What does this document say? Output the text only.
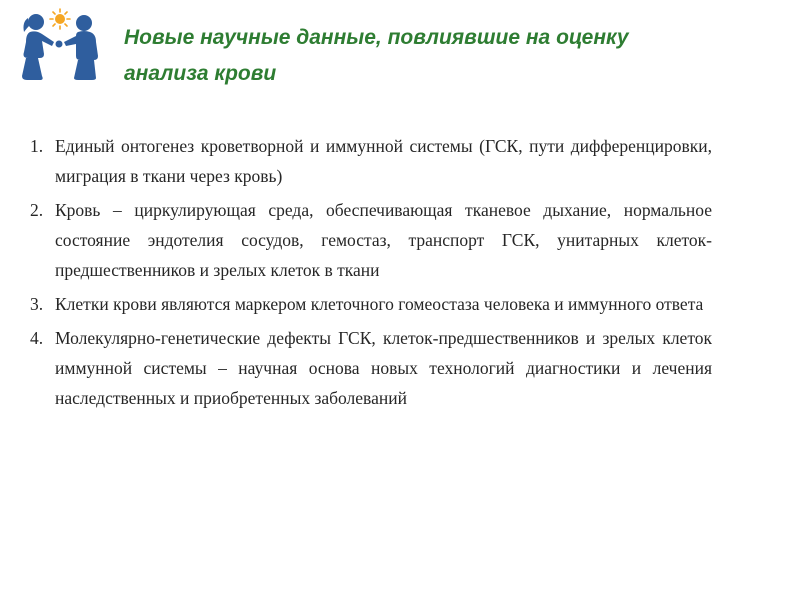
Новые научные данные, повлиявшие на оценку
анализа крови
1. Единый онтогенез кроветворной и иммунной системы (ГСК, пути дифференцировки, миграция в ткани через кровь)
2. Кровь – циркулирующая среда, обеспечивающая тканевое дыхание, нормальное состояние эндотелия сосудов, гемостаз, транспорт ГСК, унитарных клеток-предшественников и зрелых клеток в ткани
3. Клетки крови являются маркером клеточного гомеостаза человека и иммунного ответа
4. Молекулярно-генетические дефекты ГСК, клеток-предшественников и зрелых клеток иммунной системы – научная основа новых технологий диагностики и лечения наследственных и приобретенных заболеваний
